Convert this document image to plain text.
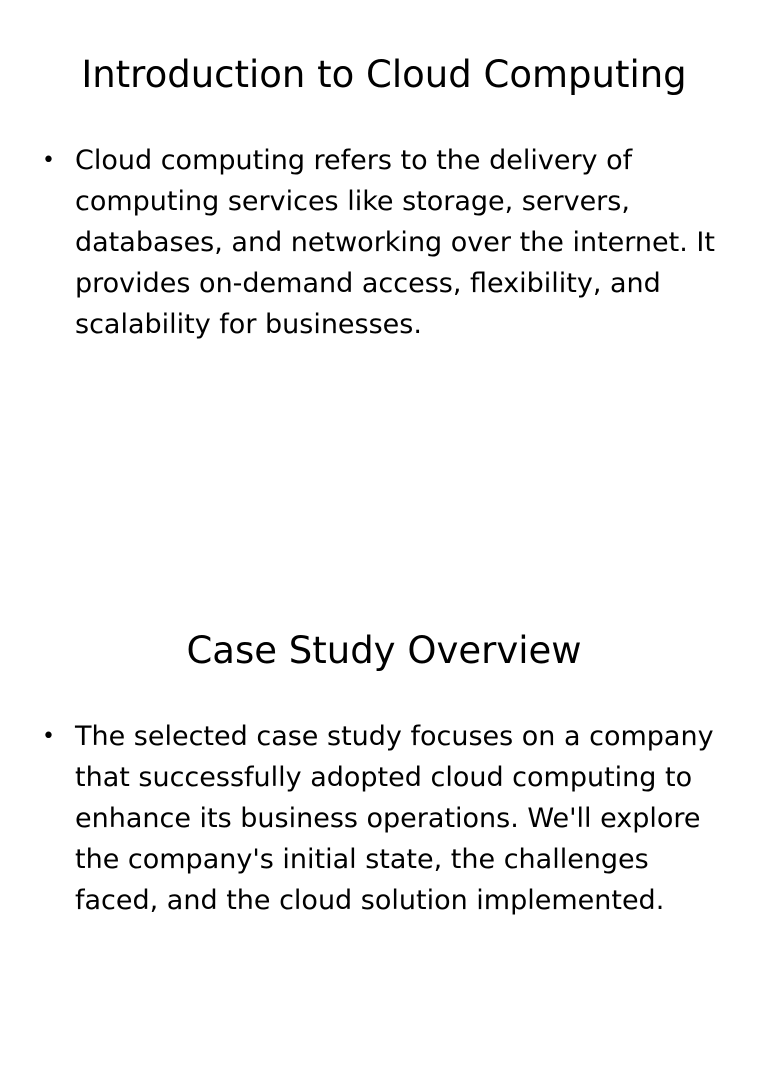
Introduction to Cloud Computing
• Cloud computing refers to the delivery of computing services like storage, servers, databases, and networking over the internet. It provides on-demand access, flexibility, and scalability for businesses.
Case Study Overview
• The selected case study focuses on a company that successfully adopted cloud computing to enhance its business operations. We'll explore the company's initial state, the challenges faced, and the cloud solution implemented.
